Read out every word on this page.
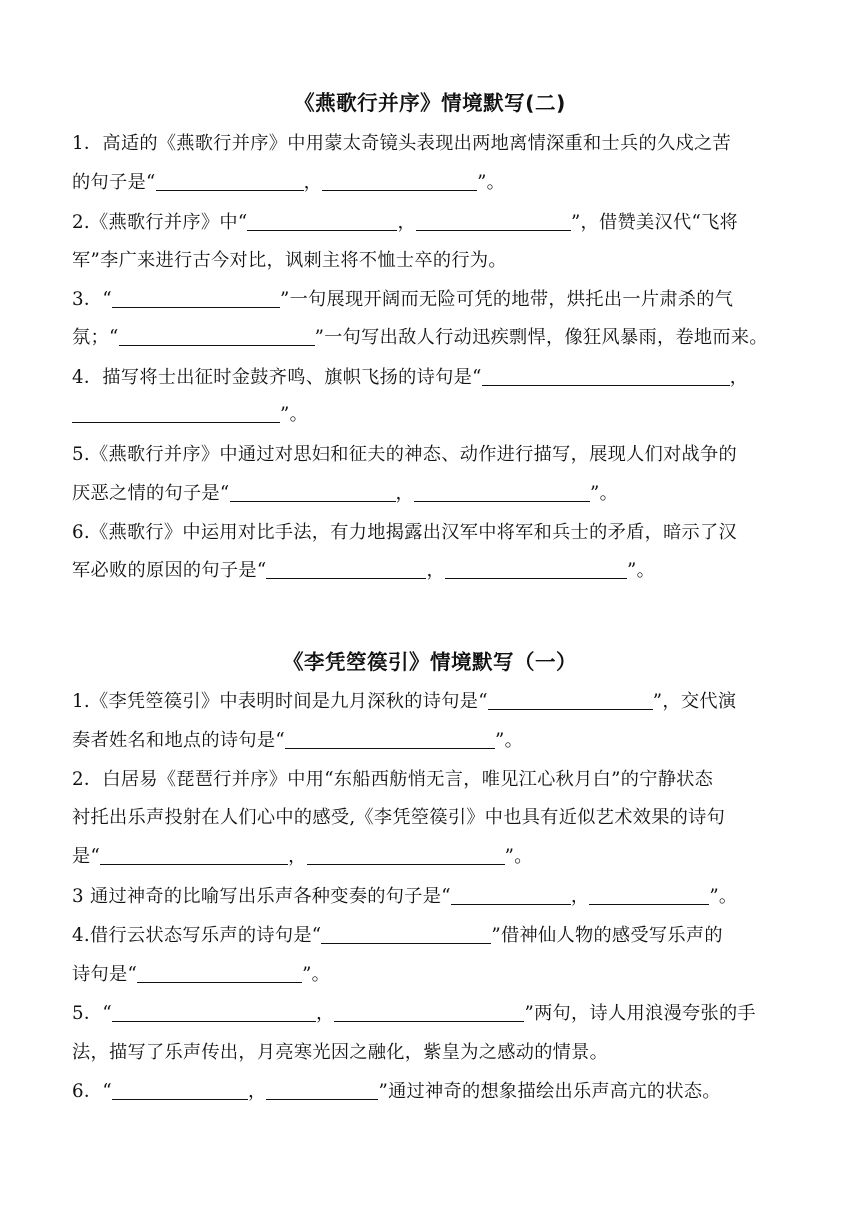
《燕歌行并序》情境默写(二)
1．高适的《燕歌行并序》中用蒙太奇镜头表现出两地离情深重和士兵的久戍之苦
的句子是“	，	”。
2.《燕歌行并序》中“	，	”，借赞美汉代“飞将
军”李广来进行古今对比，讽刺主将不恤士卒的行为。
3．“	”一句展现开阔而无险可凭的地带，烘托出一片肃杀的气
氛；“	”一句写出敌人行动迅疾剽悍，像狂风暴雨，卷地而来。
4．描写将士出征时金鼓齐鸣、旗帜飞扬的诗句是“	，
”。
5.《燕歌行并序》中通过对思妇和征夫的神态、动作进行描写，展现人们对战争的
厌恶之情的句子是“	，	”。
6.《燕歌行》中运用对比手法，有力地揭露出汉军中将军和兵士的矛盾，暗示了汉
军必败的原因的句子是“	，	”。
《李凭箜篌引》情境默写（一）
1.《李凭箜篌引》中表明时间是九月深秋的诗句是“	”，交代演
奏者姓名和地点的诗句是“	”。
2．白居易《琵琶行并序》中用“东船西舫悄无言，唯见江心秋月白”的宁静状态
衬托出乐声投射在人们心中的感受,《李凭箜篌引》中也具有近似艺术效果的诗句
是“	，	”。
3 通过神奇的比喻写出乐声各种变奏的句子是“	，	”。
4.借行云状态写乐声的诗句是“	”借神仙人物的感受写乐声的
诗句是“	”。
5．“	，	”两句，诗人用浪漫夸张的手
法，描写了乐声传出，月亮寒光因之融化，紫皇为之感动的情景。
6．“	，	”通过神奇的想象描绘出乐声高亢的状态。
